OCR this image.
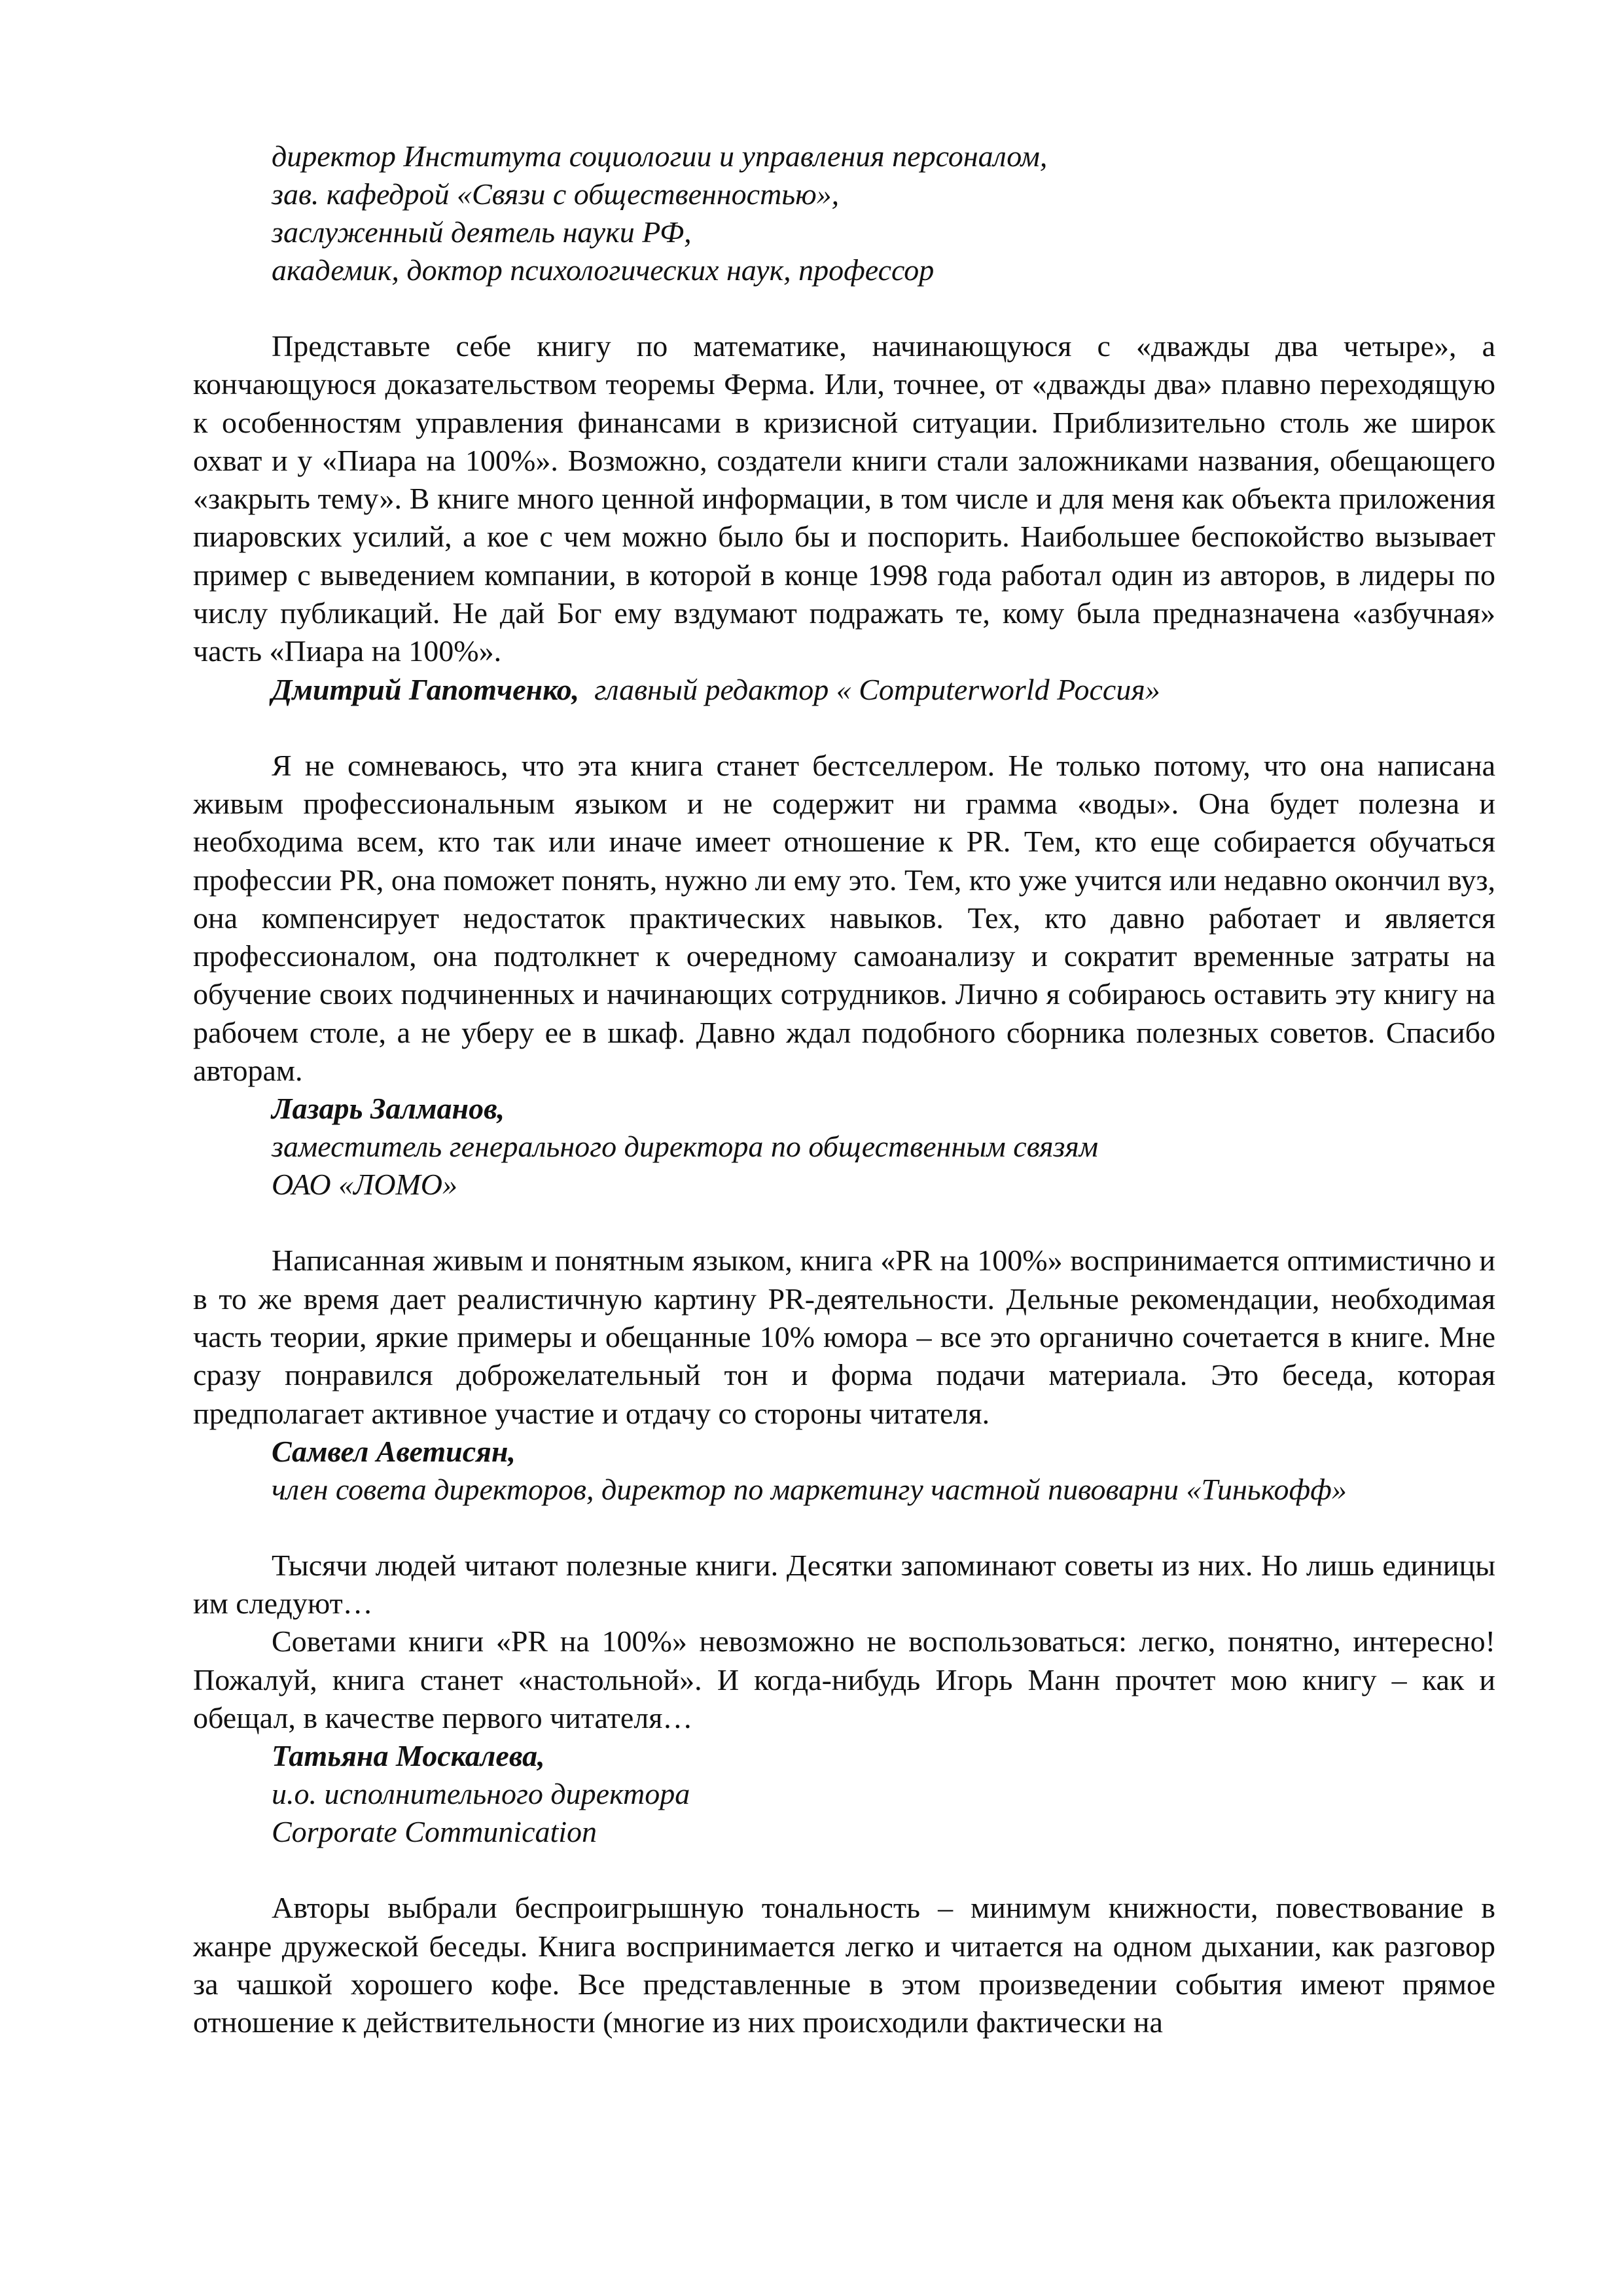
директор Института социологии и управления персоналом,
зав. кафедрой «Связи с общественностью»,
заслуженный деятель науки РФ,
академик, доктор психологических наук, профессор

Представьте себе книгу по математике, начинающуюся с «дважды два четыре», а кончающуюся доказательством теоремы Ферма. Или, точнее, от «дважды два» плавно переходящую к особенностям управления финансами в кризисной ситуации. Приблизительно столь же широк охват и у «Пиара на 100%». Возможно, создатели книги стали заложниками названия, обещающего «закрыть тему». В книге много ценной информации, в том числе и для меня как объекта приложения пиаровских усилий, а кое с чем можно было бы и поспорить. Наибольшее беспокойство вызывает пример с выведением компании, в которой в конце 1998 года работал один из авторов, в лидеры по числу публикаций. Не дай Бог ему вздумают подражать те, кому была предназначена «азбучная» часть «Пиара на 100%».

Дмитрий Гапотченко, главный редактор « Computerworld Россия»

Я не сомневаюсь, что эта книга станет бестселлером. Не только потому, что она написана живым профессиональным языком и не содержит ни грамма «воды». Она будет полезна и необходима всем, кто так или иначе имеет отношение к PR. Тем, кто еще собирается обучаться профессии PR, она поможет понять, нужно ли ему это. Тем, кто уже учится или недавно окончил вуз, она компенсирует недостаток практических навыков. Тех, кто давно работает и является профессионалом, она подтолкнет к очередному самоанализу и сократит временные затраты на обучение своих подчиненных и начинающих сотрудников. Лично я собираюсь оставить эту книгу на рабочем столе, а не уберу ее в шкаф. Давно ждал подобного сборника полезных советов. Спасибо авторам.

Лазарь Залманов,
заместитель генерального директора по общественным связям
ОАО «ЛОМО»

Написанная живым и понятным языком, книга «PR на 100%» воспринимается оптимистично и в то же время дает реалистичную картину PR-деятельности. Дельные рекомендации, необходимая часть теории, яркие примеры и обещанные 10% юмора – все это органично сочетается в книге. Мне сразу понравился доброжелательный тон и форма подачи материала. Это беседа, которая предполагает активное участие и отдачу со стороны читателя.

Самвел Аветисян,
член совета директоров, директор по маркетингу частной пивоварни «Тинькофф»

Тысячи людей читают полезные книги. Десятки запоминают советы из них. Но лишь единицы им следуют…

Советами книги «PR на 100%» невозможно не воспользоваться: легко, понятно, интересно! Пожалуй, книга станет «настольной». И когда-нибудь Игорь Манн прочтет мою книгу – как и обещал, в качестве первого читателя…

Татьяна Москалева,
и.о. исполнительного директора
Corporate Communication

Авторы выбрали беспроигрышную тональность – минимум книжности, повествование в жанре дружеской беседы. Книга воспринимается легко и читается на одном дыхании, как разговор за чашкой хорошего кофе. Все представленные в этом произведении события имеют прямое отношение к действительности (многие из них происходили фактически на
